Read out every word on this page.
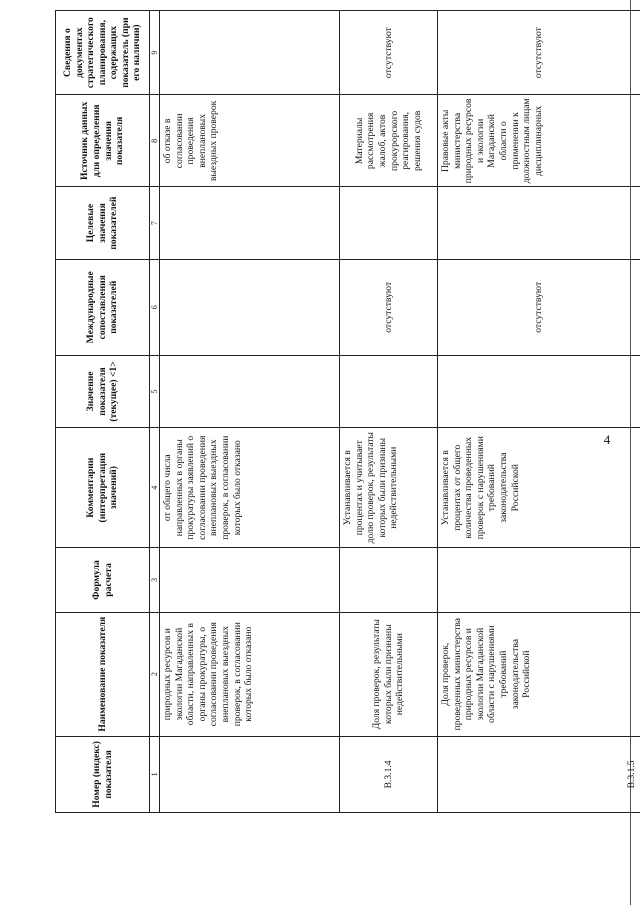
4
Номер (индекс) показателя	Наименование показателя	Формула расчета	Комментарии (интерпретация значений)	Значение показателя (текущее) <1>	Международные сопоставления показателей	Целевые значения показателей	Источник данных для определения значения показателя	Сведения о документах стратегического планирования, содержащих показатель (при его наличии)
1	2	3	4	5	6	7	8	9
	природных ресурсов и экологии Магаданской области, направленных в органы прокуратуры, о согласовании проведения внеплановых выездных проверок, в согласовании которых было отказано		от общего числа направленных в органы прокуратуры заявлений о согласовании проведения внеплановых выездных проверок, в согласовании которых было отказано				об отказе в согласовании проведения внеплановых выездных проверок	
В.3.1.4	Доля проверок, результаты которых были признаны недействительными		Устанавливается в процентах и учитывает долю проверок, результаты которых были признаны недействительными		отсутствуют		Материалы рассмотрения жалоб, актов прокурорского реагирования, решения судов	отсутствуют
В.3.1.5	Доля проверок, проведенных министерства природных ресурсов и экологии Магаданской области с нарушениями требований законодательства Российской		Устанавливается в процентах от общего количества проведенных проверок с нарушениями требований законодательства Российской		отсутствуют		Правовые акты министерства природных ресурсов и экологии Магаданской области о применении к должностным лицам дисциплинарных	отсутствуют
